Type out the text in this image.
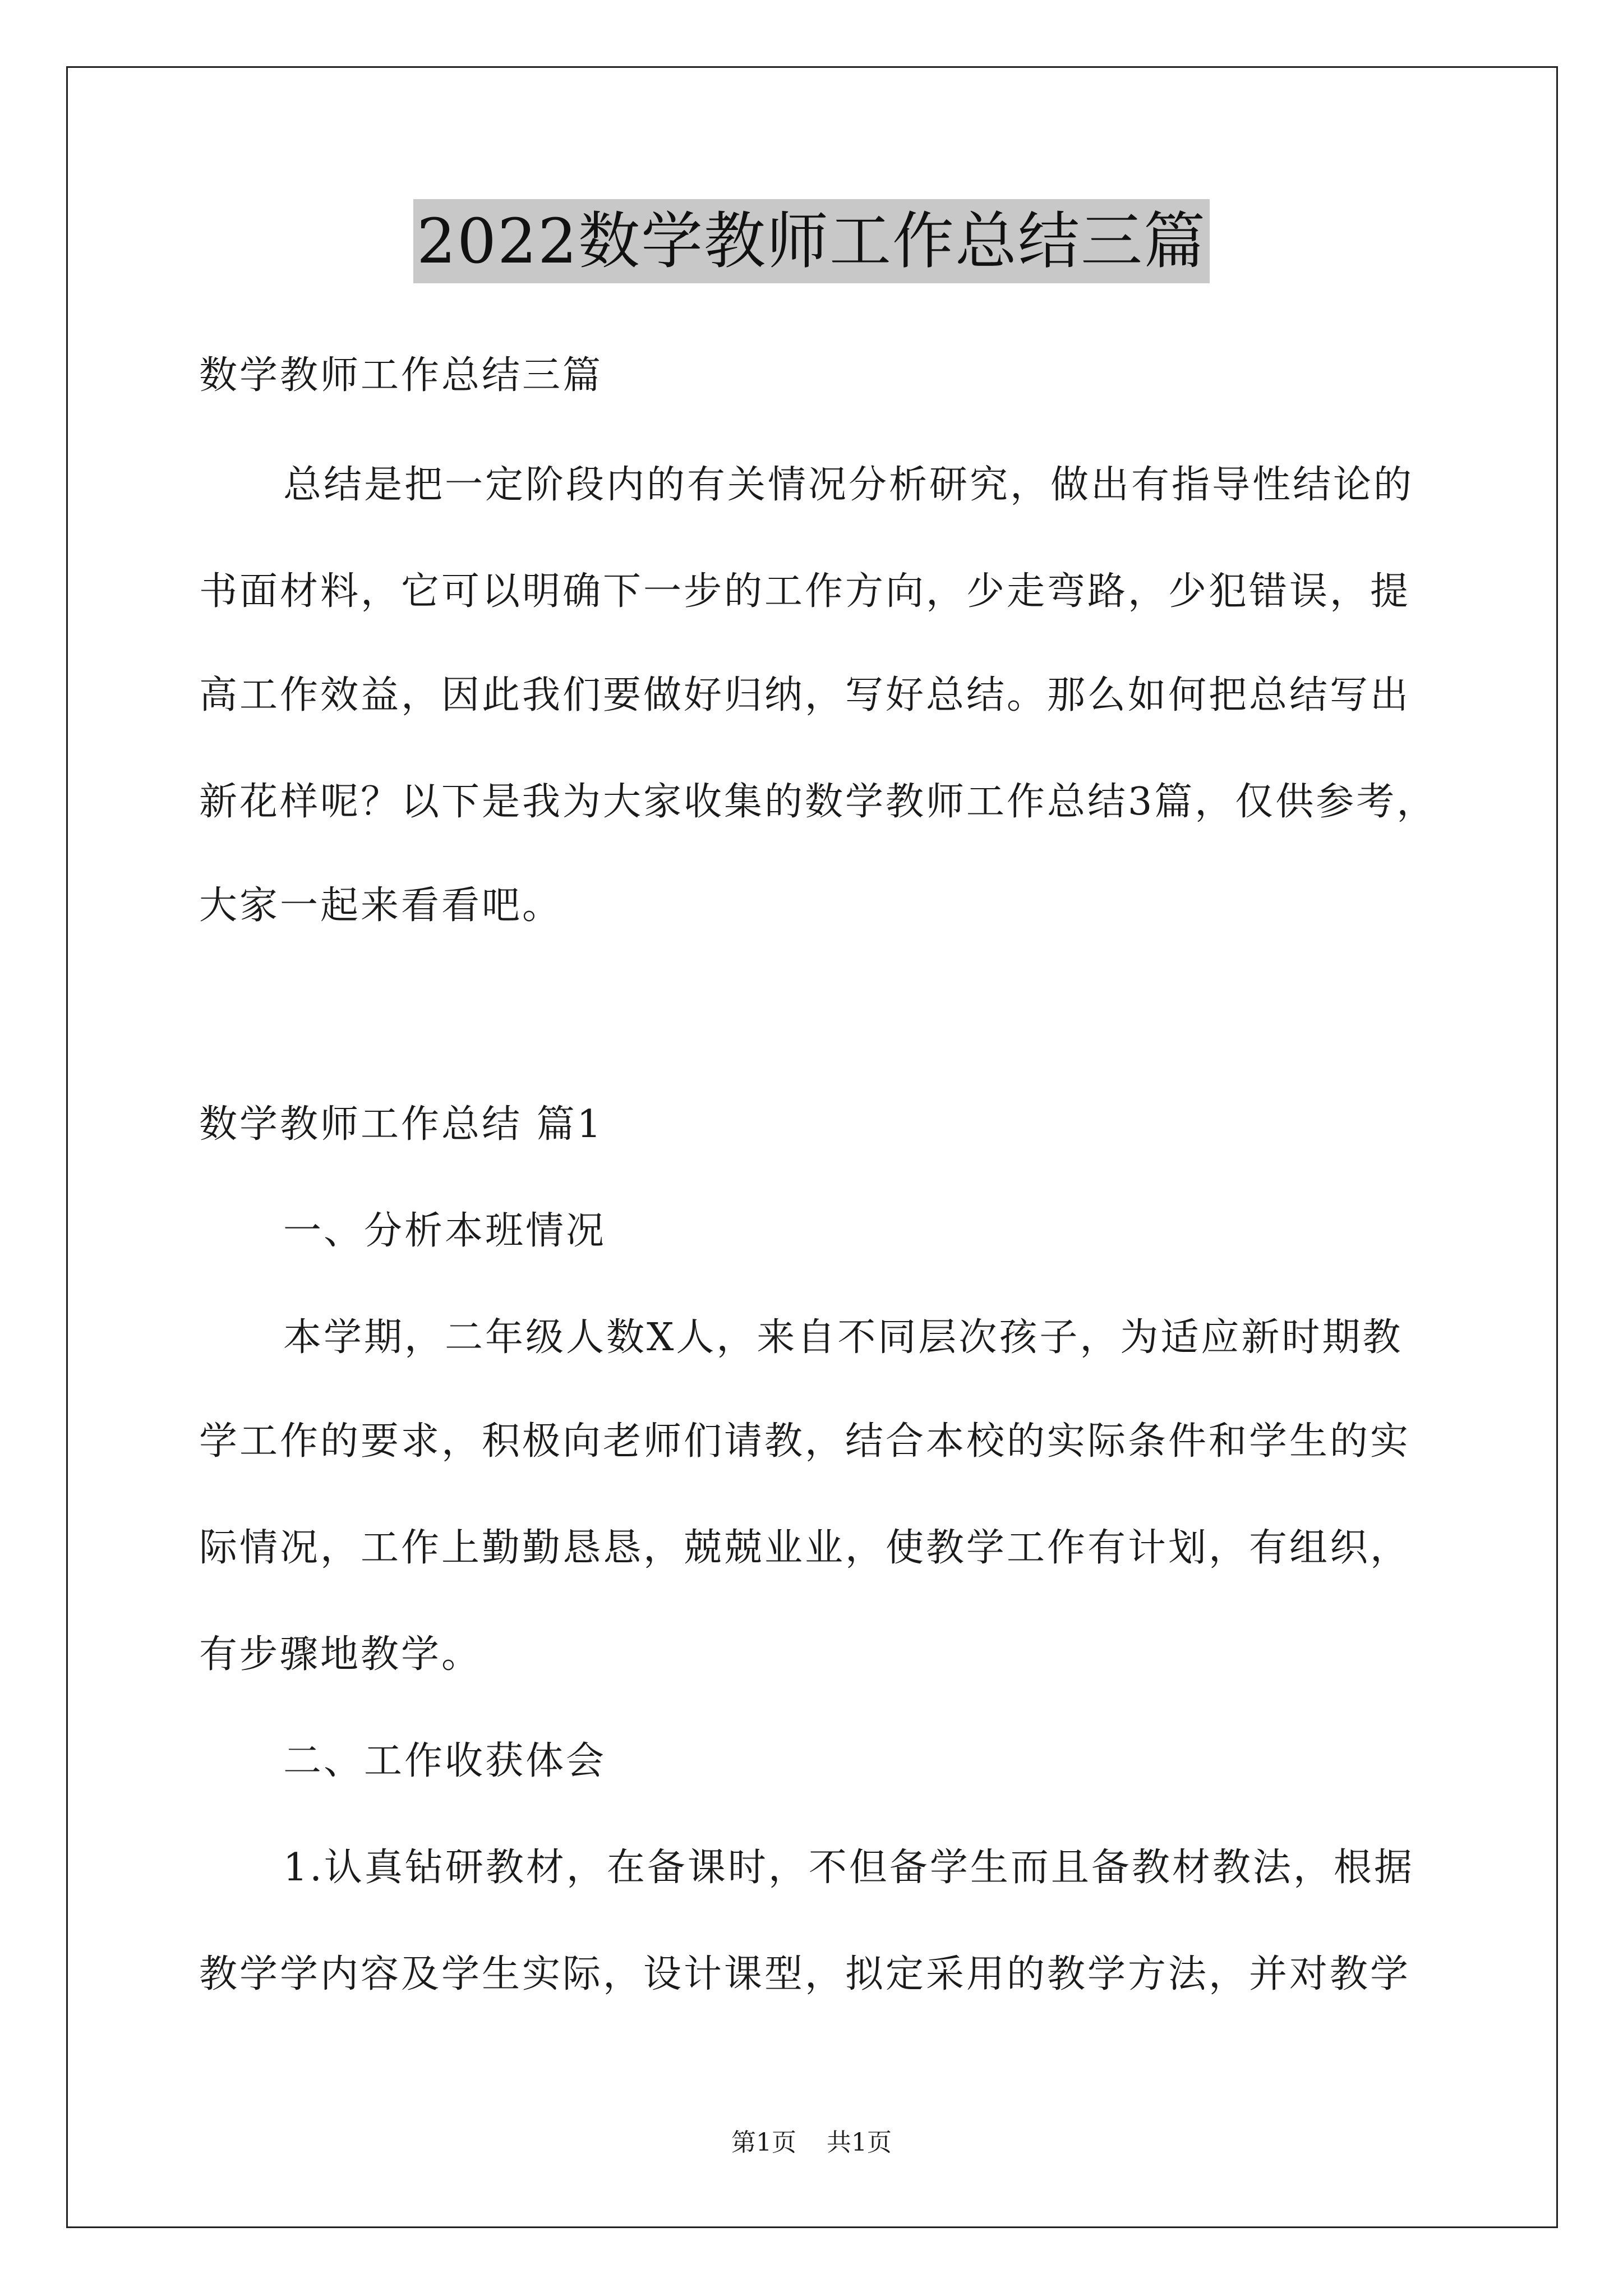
2022数学教师工作总结三篇
数学教师工作总结三篇
总结是把一定阶段内的有关情况分析研究，做出有指导性结论的
书面材料，它可以明确下一步的工作方向，少走弯路，少犯错误，提
高工作效益，因此我们要做好归纳，写好总结。那么如何把总结写出
新花样呢？以下是我为大家收集的数学教师工作总结3篇，仅供参考，
大家一起来看看吧。
数学教师工作总结 篇1
一、分析本班情况
本学期，二年级人数X人，来自不同层次孩子，为适应新时期教
学工作的要求，积极向老师们请教，结合本校的实际条件和学生的实
际情况，工作上勤勤恳恳，兢兢业业，使教学工作有计划，有组织，
有步骤地教学。
二、工作收获体会
1.认真钻研教材，在备课时，不但备学生而且备教材教法，根据
教学学内容及学生实际，设计课型，拟定采用的教学方法，并对教学
第1页 共1页
